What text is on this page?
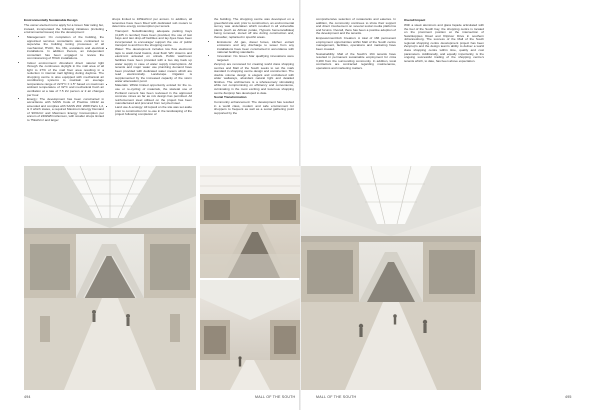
Environmentally Sustainable Design

The owner elected not to apply for a Green Star rating but, instead, incorporated the following initiatives (including environmental issues) into the development:

• Management: On completion of the building, the appointed services consultants were contracted to supervise the building tuning processes of all mechanical, HVAC, fire, lifts, escalators and electrical installations. In addition thereto, an independent consultant has been engaged to review the commissioning of HVAC installations.
• Indoor environment: Abundant direct natural light through the continuous skylight in the mall area of all light to 27% of the mall floor area resulting in a reduction in internal mall lighting during daytime. The shopping centre is also equipped with mechanical air conditioning systems to maintain an average temperature range of 22.5°C ± 1.5° based on maximum ambient temperature of 32°C and mechanical fresh air ventilation at a rate of 7.5 l/s/ person or 2 air changes per hour.
• Energy: The development has been constructed in accordance with SANS Code of Practice 10142 as amended and complies with SANS 204: 2008 Parts 1,2, & 3 which states, a required Maximum Energy Demand of 90VA/m² and Maximum Energy Consumption per annum of 240kWh/m²/annum, with smaller shops limited to 75kwh/m² and larger

shops limited to 105kwh/m² per annum. In addition, all tenancies have been fitted with dedicated sub meters to determine energy consumption per tenant.

• Transport: Notwithstanding adequate parking bays (4,225 in number) have been provided, the use of taxi bays and taxi drop-off facilities and lay-byes have been incorporated to encourage/ support the use of public transport to and from the shopping centre.
• Water: The development includes low flow electronic taps to wash-hand basins, dual flush WC cisterns and electronic actuated on urinals. Public washroom facilities have been provided with a two day back up water supply in case of water supply interruptions. All tenants and major water use plumbing demand have been provided with dedicated water meters which are read electronically. Landscape irrigation is supplemented by the increased capacity of the storm water attenuation pond.
• Materials: Whilst limited opportunity existed for the re-use or re-cycling of materials, the skeletal use of Portland cement has been reviewed in the approved concrete mixes as far as mix design has permitted. All reinforcement steel utilised on the project has been manufactured and procured from recycled steel.
• Land use & ecology: All topsoil on the site was set aside prior to construction for re-use in the landscaping of the project following completion of

the building. The shopping centre was developed on a greenfield site and, prior to construction, an environmental survey was undertaken which resulted in all vulnerable plants (such as African potato, Hypoxis hemerocallidea) being removed, stored off site during construction and, thereafter, replanted in specific areas.

• Emissions: All gas, diesel fumes, kitchen extract emissions and any discharge to sewer from any installations have been constructed in accordance with national building standards.
• Innovation: No Green Star qualifying innovations were targeted.

Zenprop are renowned for creating world class shopping centres and Mall of the South seeks to set the mark standard in shopping centre design and construction. The double volume design is elegant and uncluttered with wider walkways, abundant natural light and detailed finishes. The architecture is a wholesomely stimulating while not compromising on efficiency and convenience, culminating in the most exciting and luxurious shopping centre Zenprop has developed to date.

Social Transformation

Community enhancement: The development has resulted in a world class, modern and safe environment for shoppers to frequent as well as a social gathering point supported by the

comprehensive selection of restaurants and eateries. In addition, the community continues to show their support and direct involvement on several social media platforms and forums. Overall, there has been a positive adoption of the development and the tenants.

Empowerment/Job Creation: A total of 166 permanent employment opportunities within Mall of the South centre management, facilities, operations and marketing have been created.

Sustainability: Mall of the South's 164 tenants have resulted in permanent sustainable employment for circa 3,200 from the surrounding community. In addition, local contractors are contracted regarding maintenance, operations and marketing matters.

Overall Impact

With a sleek aluminum and glass façade articulated with the feel of the South bay, the shopping centre is located on the prominent position at the intersection of Swartkoppies Road and Klipriver Drive in southern Johannesburg. The success of the Mall of the South regional shopping centre development project has been Zenprop's and the design team's ability to deliver a world class shopping centre within time, quality and cost parameters. Additionally, and equally importantly, is the ongoing successful trading of the shopping centre's tenants which, to date, has been above expectation.

494	MALL OF THE SOUTH	MALL OF THE SOUTH	495
